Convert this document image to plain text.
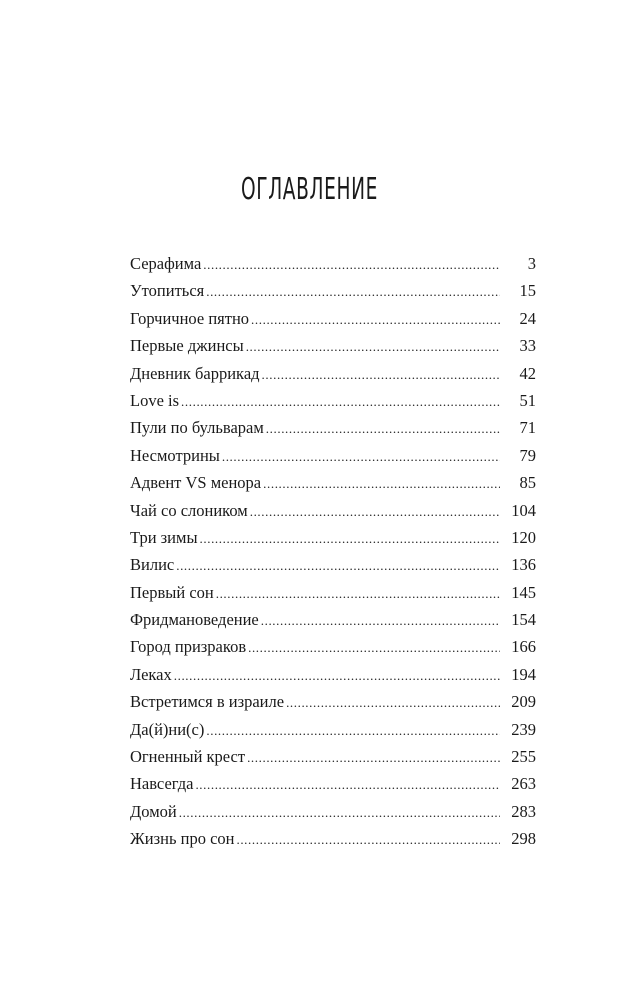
ОГЛАВЛЕНИЕ
Серафима .....	3
Утопиться .....	15
Горчичное пятно .....	24
Первые джинсы .....	33
Дневник баррикад .....	42
Love is .....	51
Пули по бульварам .....	71
Несмотрины .....	79
Адвент VS менора .....	85
Чай со слоником .....	104
Три зимы .....	120
Вилис .....	136
Первый сон .....	145
Фридмановедение .....	154
Город призраков .....	166
Леках .....	194
Встретимся в израиле .....	209
Да(й)ни(с) .....	239
Огненный крест .....	255
Навсегда .....	263
Домой .....	283
Жизнь про сон .....	298
